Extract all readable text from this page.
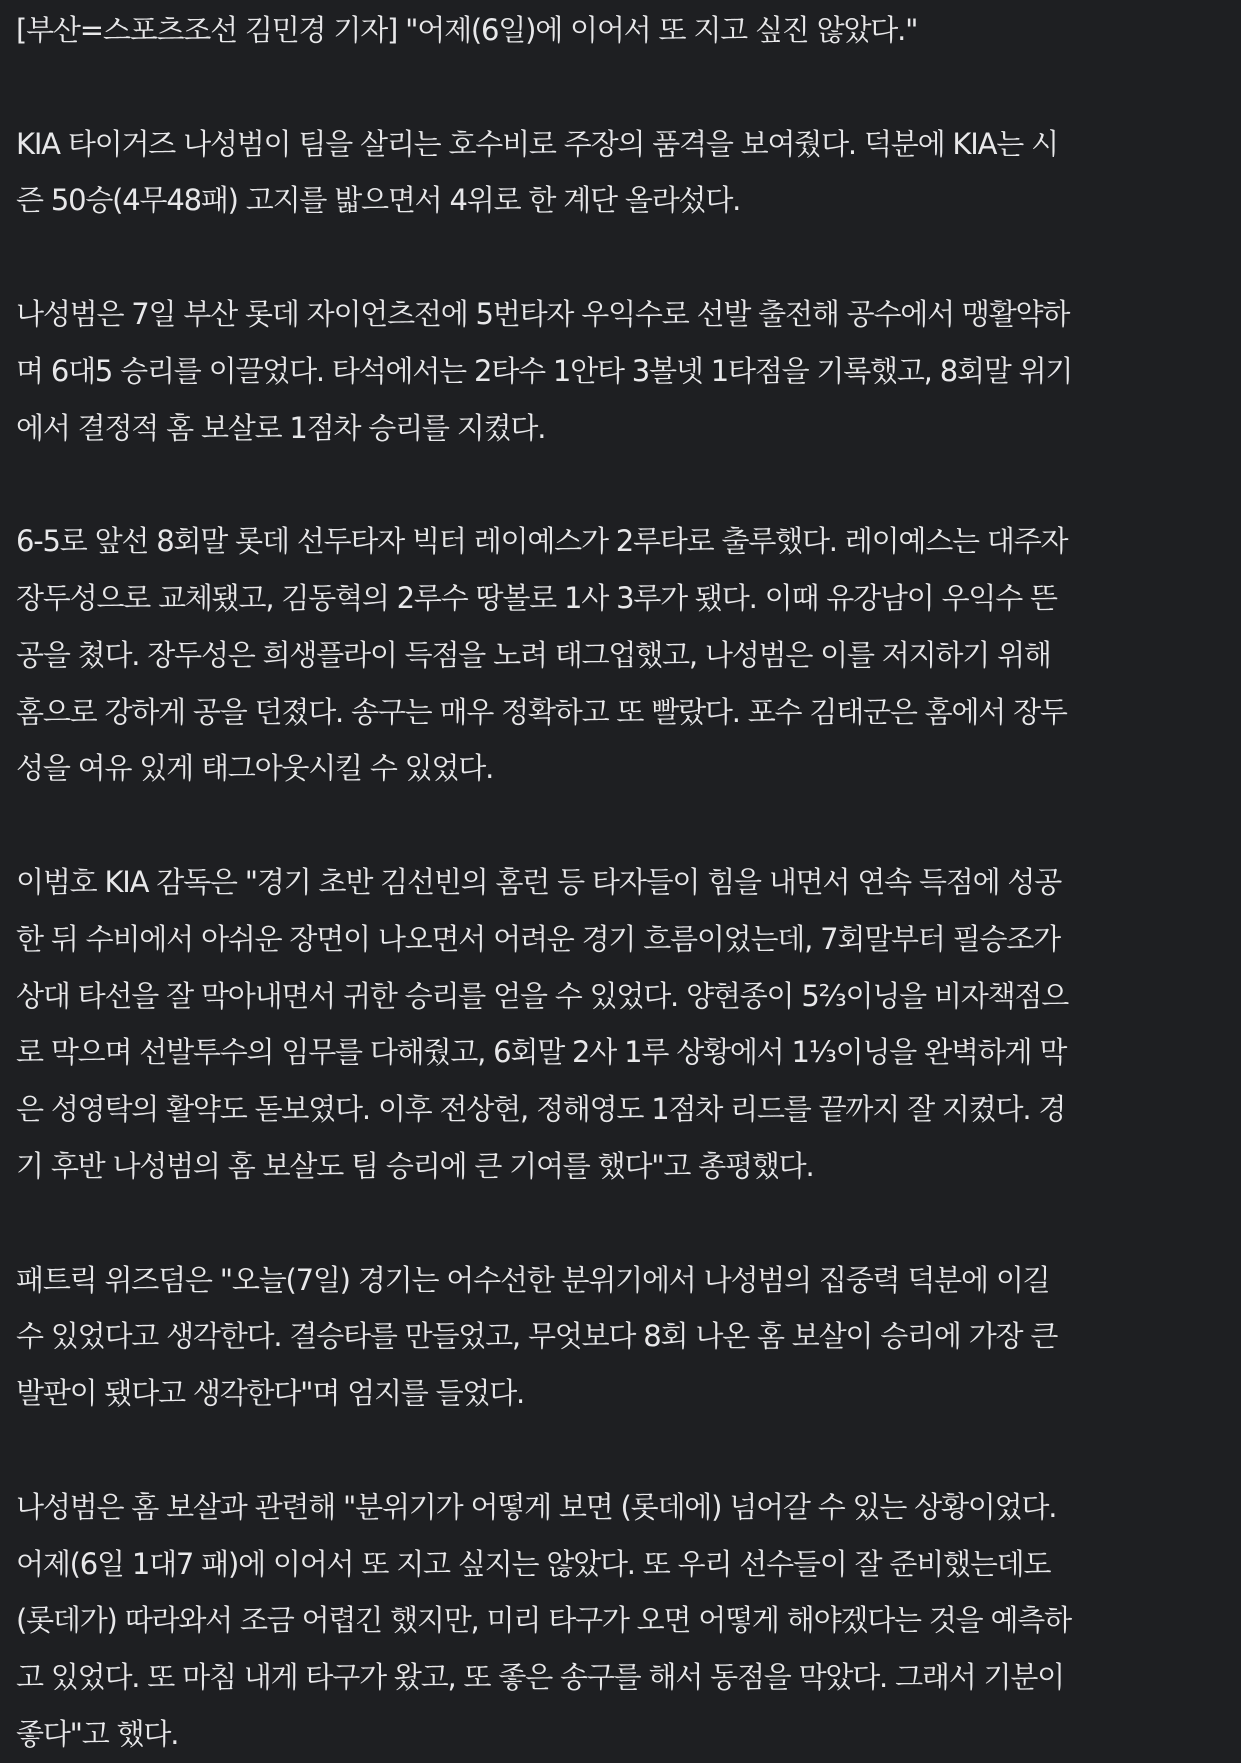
[부산=스포츠조선 김민경 기자] "어제(6일)에 이어서 또 지고 싶진 않았다."

KIA 타이거즈 나성범이 팀을 살리는 호수비로 주장의 품격을 보여줬다. 덕분에 KIA는 시
즌 50승(4무48패) 고지를 밟으면서 4위로 한 계단 올라섰다.

나성범은 7일 부산 롯데 자이언츠전에 5번타자 우익수로 선발 출전해 공수에서 맹활약하
며 6대5 승리를 이끌었다. 타석에서는 2타수 1안타 3볼넷 1타점을 기록했고, 8회말 위기
에서 결정적 홈 보살로 1점차 승리를 지켰다.

6-5로 앞선 8회말 롯데 선두타자 빅터 레이예스가 2루타로 출루했다. 레이예스는 대주자
장두성으로 교체됐고, 김동혁의 2루수 땅볼로 1사 3루가 됐다. 이때 유강남이 우익수 뜬
공을 쳤다. 장두성은 희생플라이 득점을 노려 태그업했고, 나성범은 이를 저지하기 위해
홈으로 강하게 공을 던졌다. 송구는 매우 정확하고 또 빨랐다. 포수 김태군은 홈에서 장두
성을 여유 있게 태그아웃시킬 수 있었다.

이범호 KIA 감독은 "경기 초반 김선빈의 홈런 등 타자들이 힘을 내면서 연속 득점에 성공
한 뒤 수비에서 아쉬운 장면이 나오면서 어려운 경기 흐름이었는데, 7회말부터 필승조가
상대 타선을 잘 막아내면서 귀한 승리를 얻을 수 있었다. 양현종이 5⅔이닝을 비자책점으
로 막으며 선발투수의 임무를 다해줬고, 6회말 2사 1루 상황에서 1⅓이닝을 완벽하게 막
은 성영탁의 활약도 돋보였다. 이후 전상현, 정해영도 1점차 리드를 끝까지 잘 지켰다. 경
기 후반 나성범의 홈 보살도 팀 승리에 큰 기여를 했다"고 총평했다.

패트릭 위즈덤은 "오늘(7일) 경기는 어수선한 분위기에서 나성범의 집중력 덕분에 이길
수 있었다고 생각한다. 결승타를 만들었고, 무엇보다 8회 나온 홈 보살이 승리에 가장 큰
발판이 됐다고 생각한다"며 엄지를 들었다.

나성범은 홈 보살과 관련해 "분위기가 어떻게 보면 (롯데에) 넘어갈 수 있는 상황이었다.
어제(6일 1대7 패)에 이어서 또 지고 싶지는 않았다. 또 우리 선수들이 잘 준비했는데도
(롯데가) 따라와서 조금 어렵긴 했지만, 미리 타구가 오면 어떻게 해야겠다는 것을 예측하
고 있었다. 또 마침 내게 타구가 왔고, 또 좋은 송구를 해서 동점을 막았다. 그래서 기분이
좋다"고 했다.
